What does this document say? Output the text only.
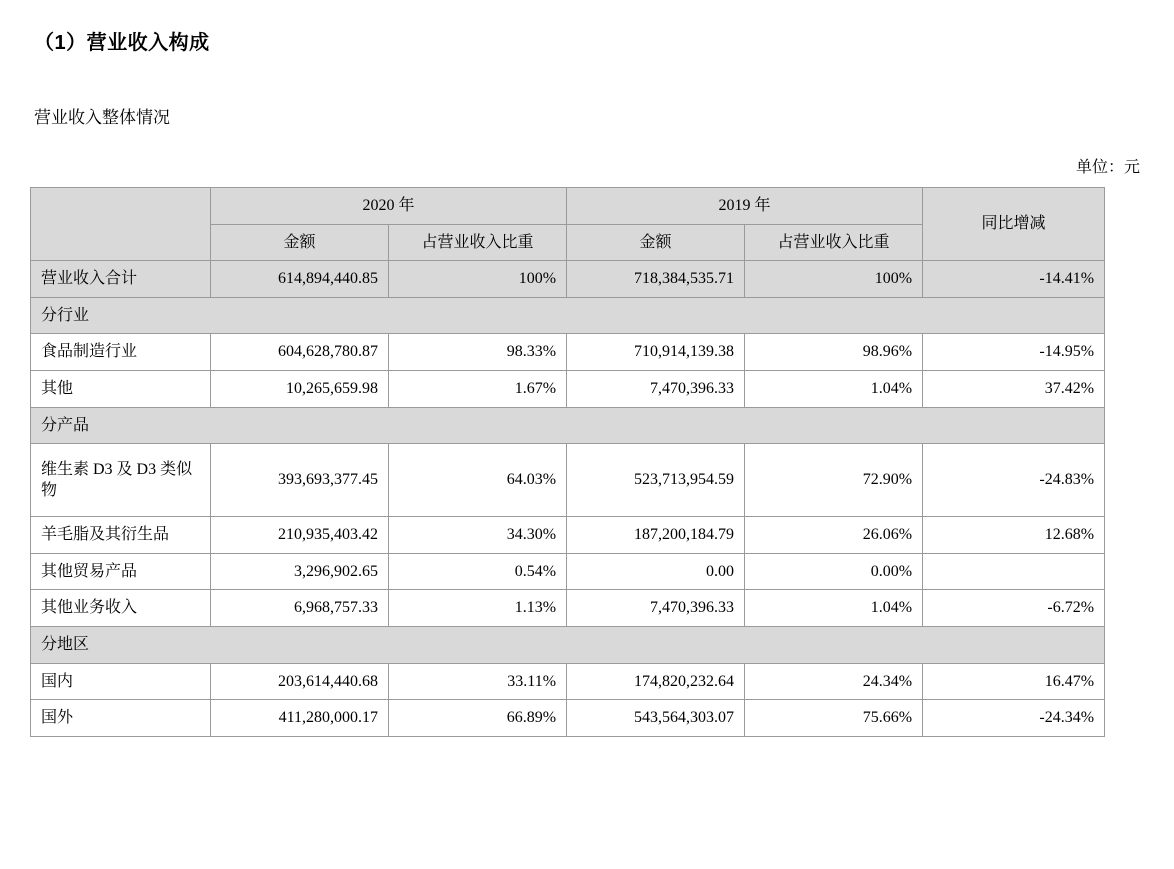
（1）营业收入构成
营业收入整体情况
单位：元
	2020 年		2019 年		同比增减
	金额	占营业收入比重	金额	占营业收入比重	
营业收入合计	614,894,440.85	100%	718,384,535.71	100%	-14.41%
分行业					
食品制造行业	604,628,780.87	98.33%	710,914,139.38	98.96%	-14.95%
其他	10,265,659.98	1.67%	7,470,396.33	1.04%	37.42%
分产品					
维生素 D3 及 D3 类似物	393,693,377.45	64.03%	523,713,954.59	72.90%	-24.83%
羊毛脂及其衍生品	210,935,403.42	34.30%	187,200,184.79	26.06%	12.68%
其他贸易产品	3,296,902.65	0.54%	0.00	0.00%	
其他业务收入	6,968,757.33	1.13%	7,470,396.33	1.04%	-6.72%
分地区					
国内	203,614,440.68	33.11%	174,820,232.64	24.34%	16.47%
国外	411,280,000.17	66.89%	543,564,303.07	75.66%	-24.34%
